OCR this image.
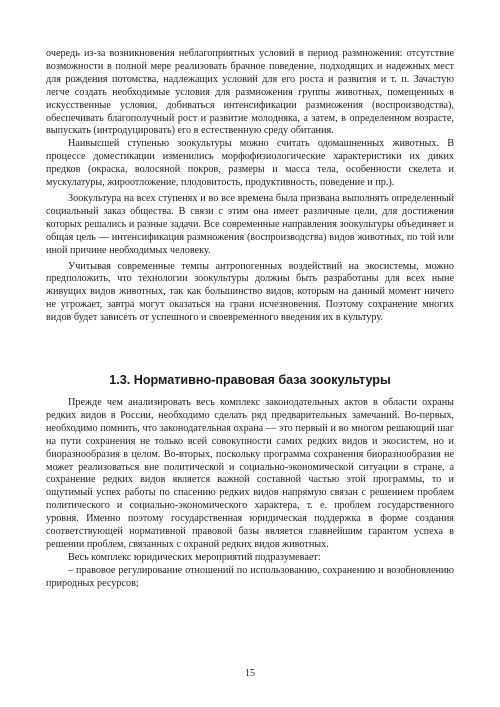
очередь из-за возникновения неблагоприятных условий в период размножения: отсутствие возможности в полной мере реализовать брачное поведение, подходящих и надежных мест для рождения потомства, надлежащих условий для его роста и развития и т. п. Зачастую легче создать необходимые условия для размножения группы животных, помещенных в искусственные условия, добиваться интенсификации размножения (воспроизводства), обеспечивать благополучный рост и развитие молодняка, а затем, в определенном возрасте, выпускать (интродуцировать) его в естественную среду обитания.

Наивысшей ступенью зоокультуры можно считать одомашненных животных. В процессе доместикации изменились морфофизиологические характеристики их диких предков (окраска, волосяной покров, размеры и масса тела, особенности скелета и мускулатуры, жироотложение, плодовитость, продуктивность, поведение и пр.).

Зоокультура на всех ступенях и во все времена была призвана выполнять определенный социальный заказ общества. В связи с этим она имеет различные цели, для достижения которых решались и разные задачи. Все современные направления зоокультуры объединяет и общая цель — интенсификация размножения (воспроизводства) видов животных, по той или иной причине необходимых человеку.

Учитывая современные темпы антропогенных воздействий на экосистемы, можно предположить, что технологии зоокультуры должны быть разработаны для всех ныне живущих видов животных, так как большинство видов, которым на данный момент ничего не угрожает, завтра могут оказаться на грани исчезновения. Поэтому сохранение многих видов будет зависеть от успешного и своевременного введения их в культуру.

1.3. Нормативно-правовая база зоокультуры

Прежде чем анализировать весь комплекс законодательных актов в области охраны редких видов в России, необходимо сделать ряд предварительных замечаний. Во-первых, необходимо помнить, что законодательная охрана — это первый и во многом решающий шаг на пути сохранения не только всей совокупности самих редких видов и экосистем, но и биоразнообразия в целом. Во-вторых, поскольку программа сохранения биоразнообразия не может реализоваться вне политической и социально-экономической ситуации в стране, а сохранение редких видов является важной составной частью этой программы, то и ощутимый успех работы по спасению редких видов напрямую связан с решением проблем политического и социально-экономического характера, т. е. проблем государственного уровня. Именно поэтому государственная юридическая поддержка в форме создания соответствующей нормативной правовой базы является главнейшим гарантом успеха в решении проблем, связанных с охраной редких видов животных.

Весь комплекс юридических мероприятий подразумевает:

– правовое регулирование отношений по использованию, сохранению и возобновлению природных ресурсов;

15
